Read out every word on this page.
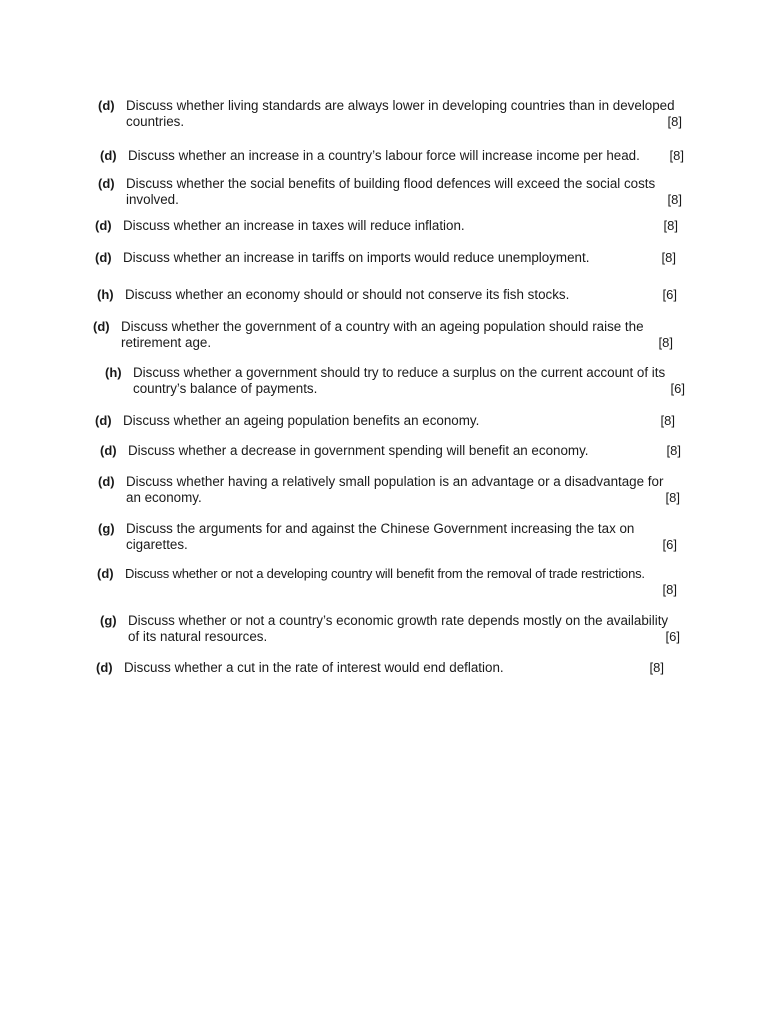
(d) Discuss whether living standards are always lower in developing countries than in developed
countries.	[8]
(d) Discuss whether an increase in a country’s labour force will increase income per head.	[8]
(d) Discuss whether the social benefits of building flood defences will exceed the social costs
involved.	[8]
(d) Discuss whether an increase in taxes will reduce inflation.	[8]
(d) Discuss whether an increase in tariffs on imports would reduce unemployment.	[8]
(h) Discuss whether an economy should or should not conserve its fish stocks.	[6]
(d) Discuss whether the government of a country with an ageing population should raise the
retirement age.	[8]
(h) Discuss whether a government should try to reduce a surplus on the current account of its
country’s balance of payments.	[6]
(d) Discuss whether an ageing population benefits an economy.	[8]
(d) Discuss whether a decrease in government spending will benefit an economy.	[8]
(d) Discuss whether having a relatively small population is an advantage or a disadvantage for
an economy.	[8]
(g) Discuss the arguments for and against the Chinese Government increasing the tax on
cigarettes.	[6]
(d) Discuss whether or not a developing country will benefit from the removal of trade restrictions.
[8]
(g) Discuss whether or not a country’s economic growth rate depends mostly on the availability
of its natural resources.	[6]
(d) Discuss whether a cut in the rate of interest would end deflation.	[8]
